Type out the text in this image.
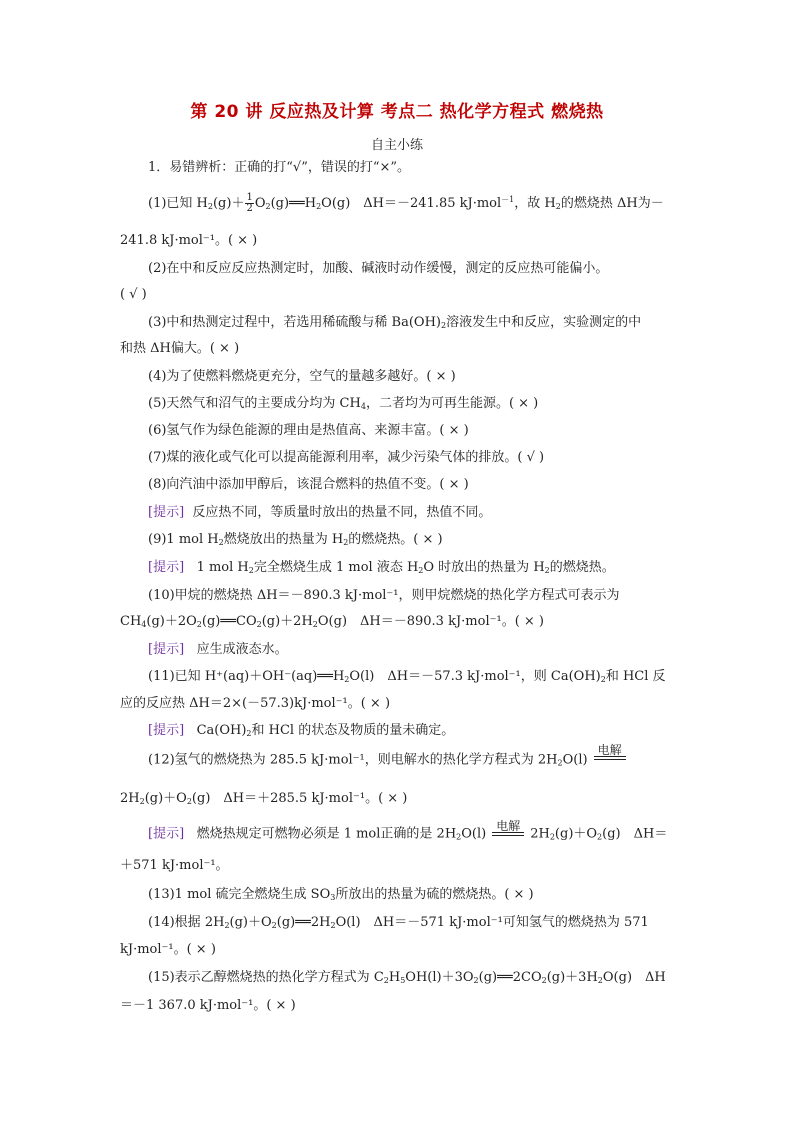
第 20 讲 反应热及计算 考点二 热化学方程式 燃烧热
自主小练
1．易错辨析：正确的打“√”，错误的打“×”。
(1)已知 $H_2(g)+ \frac{1}{2}$ $O_2(g)══H_2O(g)$　ΔH＝－241.85 kJ·mol$^{-1}$，故 $H_2$的燃烧热 ΔH为－
241.8 kJ·mol⁻¹。( × )
(2)在中和反应反应热测定时，加酸、碱液时动作缓慢，测定的反应热可能偏小。
( √ )
(3)中和热测定过程中，若选用稀硫酸与稀 $Ba(OH)_2$溶液发生中和反应，实验测定的中
和热 ΔH偏大。( × )
(4)为了使燃料燃烧更充分，空气的量越多越好。( × )
(5)天然气和沼气的主要成分均为 $CH_4$，二者均为可再生能源。( × )
(6)氢气作为绿色能源的理由是热值高、来源丰富。( × )
(7)煤的液化或气化可以提高能源利用率，减少污染气体的排放。( √ )
(8)向汽油中添加甲醇后，该混合燃料的热值不变。( × )
[提示] 反应热不同，等质量时放出的热量不同，热值不同。
(9)1 mol $H_2$燃烧放出的热量为 $H_2$的燃烧热。( × )
[提示] 1 mol $H_2$完全燃烧生成 1 mol 液态 $H_2O$ 时放出的热量为 $H_2$的燃烧热。
(10)甲烷的燃烧热 ΔH＝－890.3 kJ·mol⁻¹，则甲烷燃烧的热化学方程式可表示为
$CH_4(g)+2O_2(g)══CO_2(g)+2H_2O(g)$　ΔH＝－890.3 kJ·mol⁻¹。( × )
[提示] 应生成液态水。
(11)已知 $H^+(aq)+OH^-(aq)══H_2O(l)$　ΔH＝－57.3 kJ·mol⁻¹，则 $Ca(OH)_2$和 HCl 反
应的反应热 ΔH＝2×(－57.3)kJ·mol⁻¹。( × )
[提示] $Ca(OH)_2$和 HCl 的状态及物质的量未确定。
(12)氢气的燃烧热为 285.5 kJ·mol⁻¹，则电解水的热化学方程式为 $2H_2O(l)$
电解
$2H_2(g)+O_2(g)$　ΔH＝＋285.5 kJ·mol⁻¹。( × )
[提示] 燃烧热规定可燃物必须是 1 mol正确的是 $2H_2O(l)$
电解
$2H_2(g)+O_2(g)$　ΔH＝
＋571 kJ·mol⁻¹。
(13)1 mol 硫完全燃烧生成 $SO_3$所放出的热量为硫的燃烧热。( × )
(14)根据 $2H_2(g)+O_2(g)══2H_2O(l)$　ΔH＝－571 kJ·mol⁻¹可知氢气的燃烧热为 571
kJ·mol⁻¹。( × )
(15)表示乙醇燃烧热的热化学方程式为 $C_2H_5OH(l)+3O_2(g)══2CO_2(g)+3H_2O(g)$　ΔH
＝－1 367.0 kJ·mol⁻¹。( × )
